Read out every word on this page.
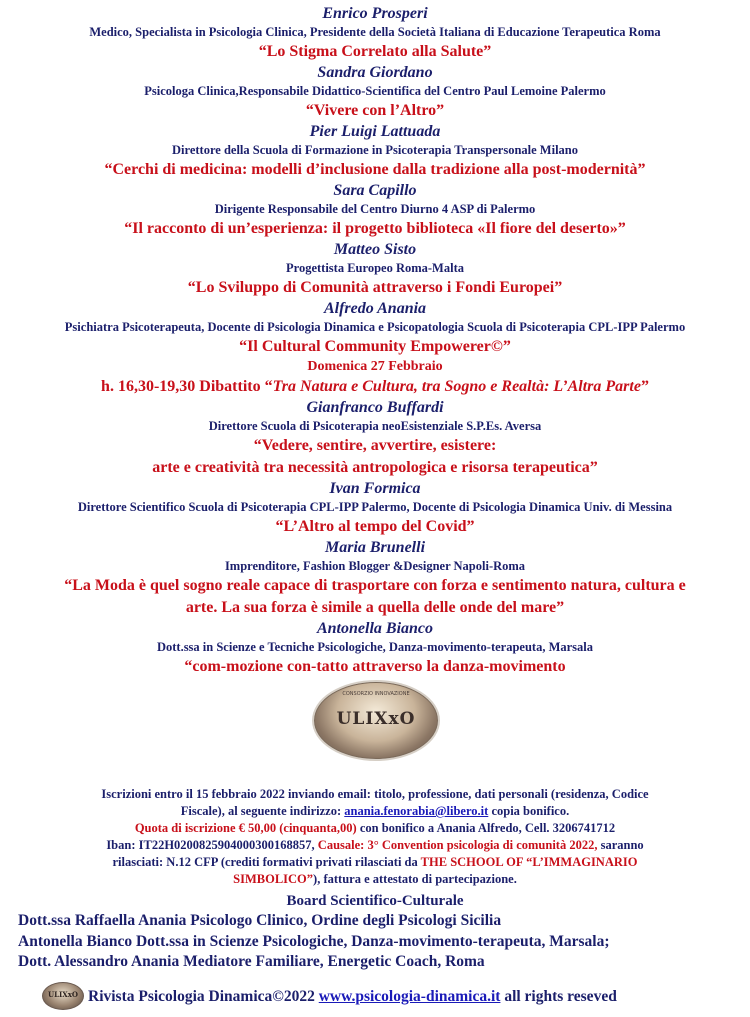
Enrico Prosperi
Medico, Specialista in Psicologia Clinica, Presidente della Società Italiana di Educazione Terapeutica Roma
“Lo Stigma Correlato alla Salute”
Sandra Giordano
Psicologa Clinica,Responsabile Didattico-Scientifica del Centro Paul Lemoine Palermo
“Vivere con l’Altro”
Pier Luigi Lattuada
Direttore della Scuola di Formazione in Psicoterapia Transpersonale Milano
“Cerchi di medicina: modelli d’inclusione dalla tradizione alla post-modernità”
Sara Capillo
Dirigente Responsabile del Centro Diurno 4 ASP di Palermo
“Il racconto di un’esperienza: il progetto biblioteca «Il fiore del deserto»”
Matteo Sisto
Progettista Europeo Roma-Malta
“Lo Sviluppo di Comunità attraverso i Fondi Europei”
Alfredo Anania
Psichiatra Psicoterapeuta, Docente di Psicologia Dinamica e Psicopatologia Scuola di Psicoterapia CPL-IPP Palermo
“Il Cultural Community Empowerer©”
Domenica 27 Febbraio
h. 16,30-19,30 Dibattito “Tra Natura e Cultura, tra Sogno e Realtà: L’Altra Parte”
Gianfranco Buffardi
Direttore Scuola di Psicoterapia neoEsistenziale S.P.Es. Aversa
“Vedere, sentire, avvertire, esistere:
arte e creatività tra necessità antropologica e risorsa terapeutica”
Ivan Formica
Direttore Scientifico Scuola di Psicoterapia CPL-IPP Palermo, Docente di Psicologia Dinamica Univ. di Messina
“L’Altro al tempo del Covid”
Maria Brunelli
Imprenditore, Fashion Blogger &Designer Napoli-Roma
“La Moda è quel sogno reale capace di trasportare con forza e sentimento natura, cultura e
arte. La sua forza è simile a quella delle onde del mare”
Antonella Bianco
Dott.ssa in Scienze e Tecniche Psicologiche, Danza-movimento-terapeuta, Marsala
“com-mozione con-tatto attraverso la danza-movimento
CONSORZIO INNOVAZIONE
ULIXxO
Iscrizioni entro il 15 febbraio 2022 inviando email: titolo, professione, dati personali (residenza, Codice
Fiscale), al seguente indirizzo: anania.fenorabia@libero.it copia bonifico.
Quota di iscrizione € 50,00 (cinquanta,00) con bonifico a Anania Alfredo, Cell. 3206741712
Iban: IT22H0200825904000300168857, Causale: 3° Convention psicologia di comunità 2022, saranno
rilasciati: N.12 CFP (crediti formativi privati rilasciati da THE SCHOOL OF “L’IMMAGINARIO
SIMBOLICO”), fattura e attestato di partecipazione.
Board Scientifico-Culturale
Dott.ssa Raffaella Anania Psicologo Clinico, Ordine degli Psicologi Sicilia
Antonella Bianco Dott.ssa in Scienze Psicologiche, Danza-movimento-terapeuta, Marsala;
Dott. Alessandro Anania Mediatore Familiare, Energetic Coach, Roma
ULIXxO Rivista Psicologia Dinamica©2022 www.psicologia-dinamica.it all rights reseved
